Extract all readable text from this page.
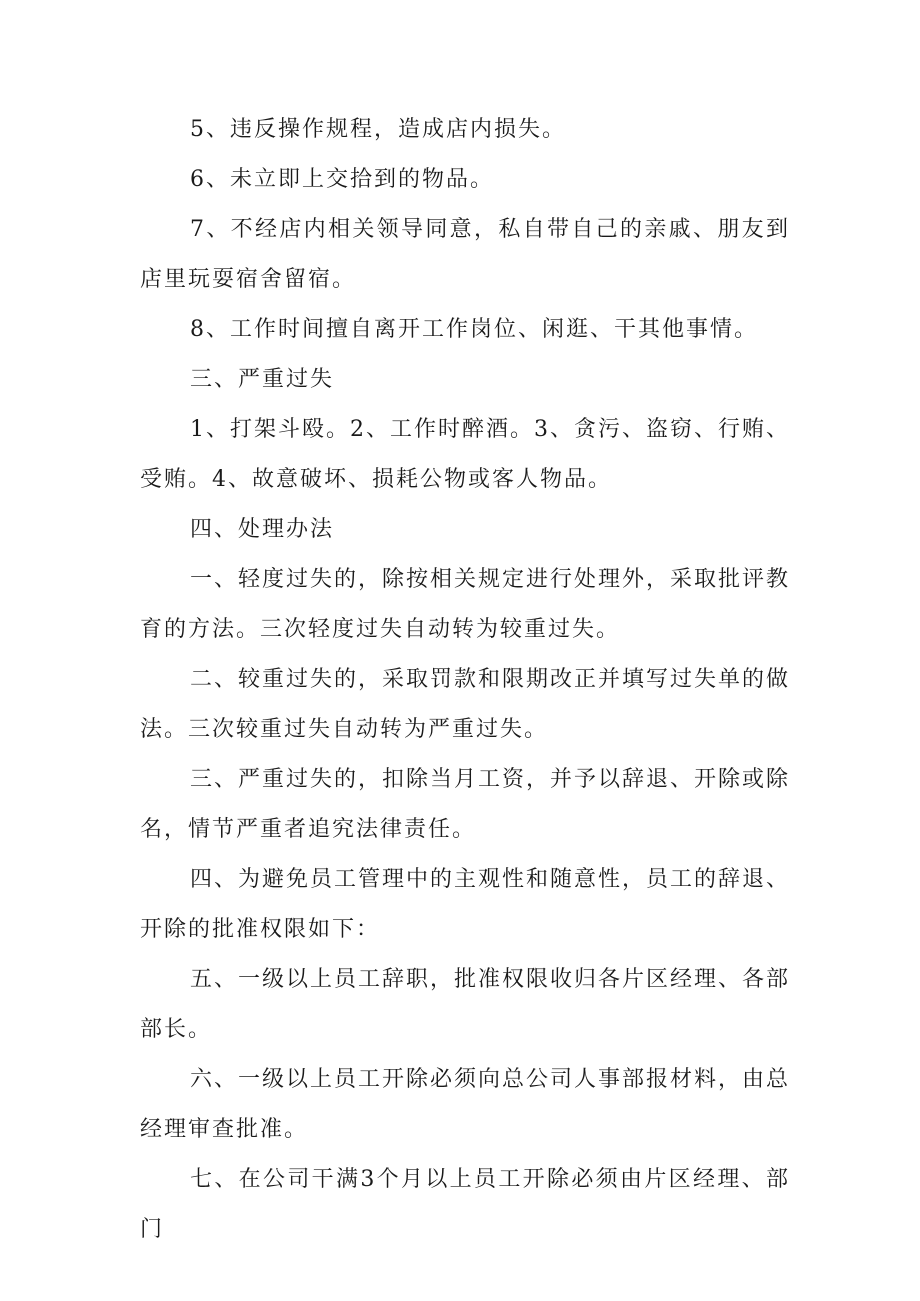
5、违反操作规程，造成店内损失。

6、未立即上交拾到的物品。

7、不经店内相关领导同意，私自带自己的亲戚、朋友到店里玩耍宿舍留宿。

8、工作时间擅自离开工作岗位、闲逛、干其他事情。

三、严重过失

1、打架斗殴。2、工作时醉酒。3、贪污、盗窃、行贿、受贿。4、故意破坏、损耗公物或客人物品。

四、处理办法

一、轻度过失的，除按相关规定进行处理外，采取批评教育的方法。三次轻度过失自动转为较重过失。

二、较重过失的，采取罚款和限期改正并填写过失单的做法。三次较重过失自动转为严重过失。

三、严重过失的，扣除当月工资，并予以辞退、开除或除名，情节严重者追究法律责任。

四、为避免员工管理中的主观性和随意性，员工的辞退、开除的批准权限如下：

五、一级以上员工辞职，批准权限收归各片区经理、各部部长。

六、一级以上员工开除必须向总公司人事部报材料，由总经理审查批准。

七、在公司干满3个月以上员工开除必须由片区经理、部门
